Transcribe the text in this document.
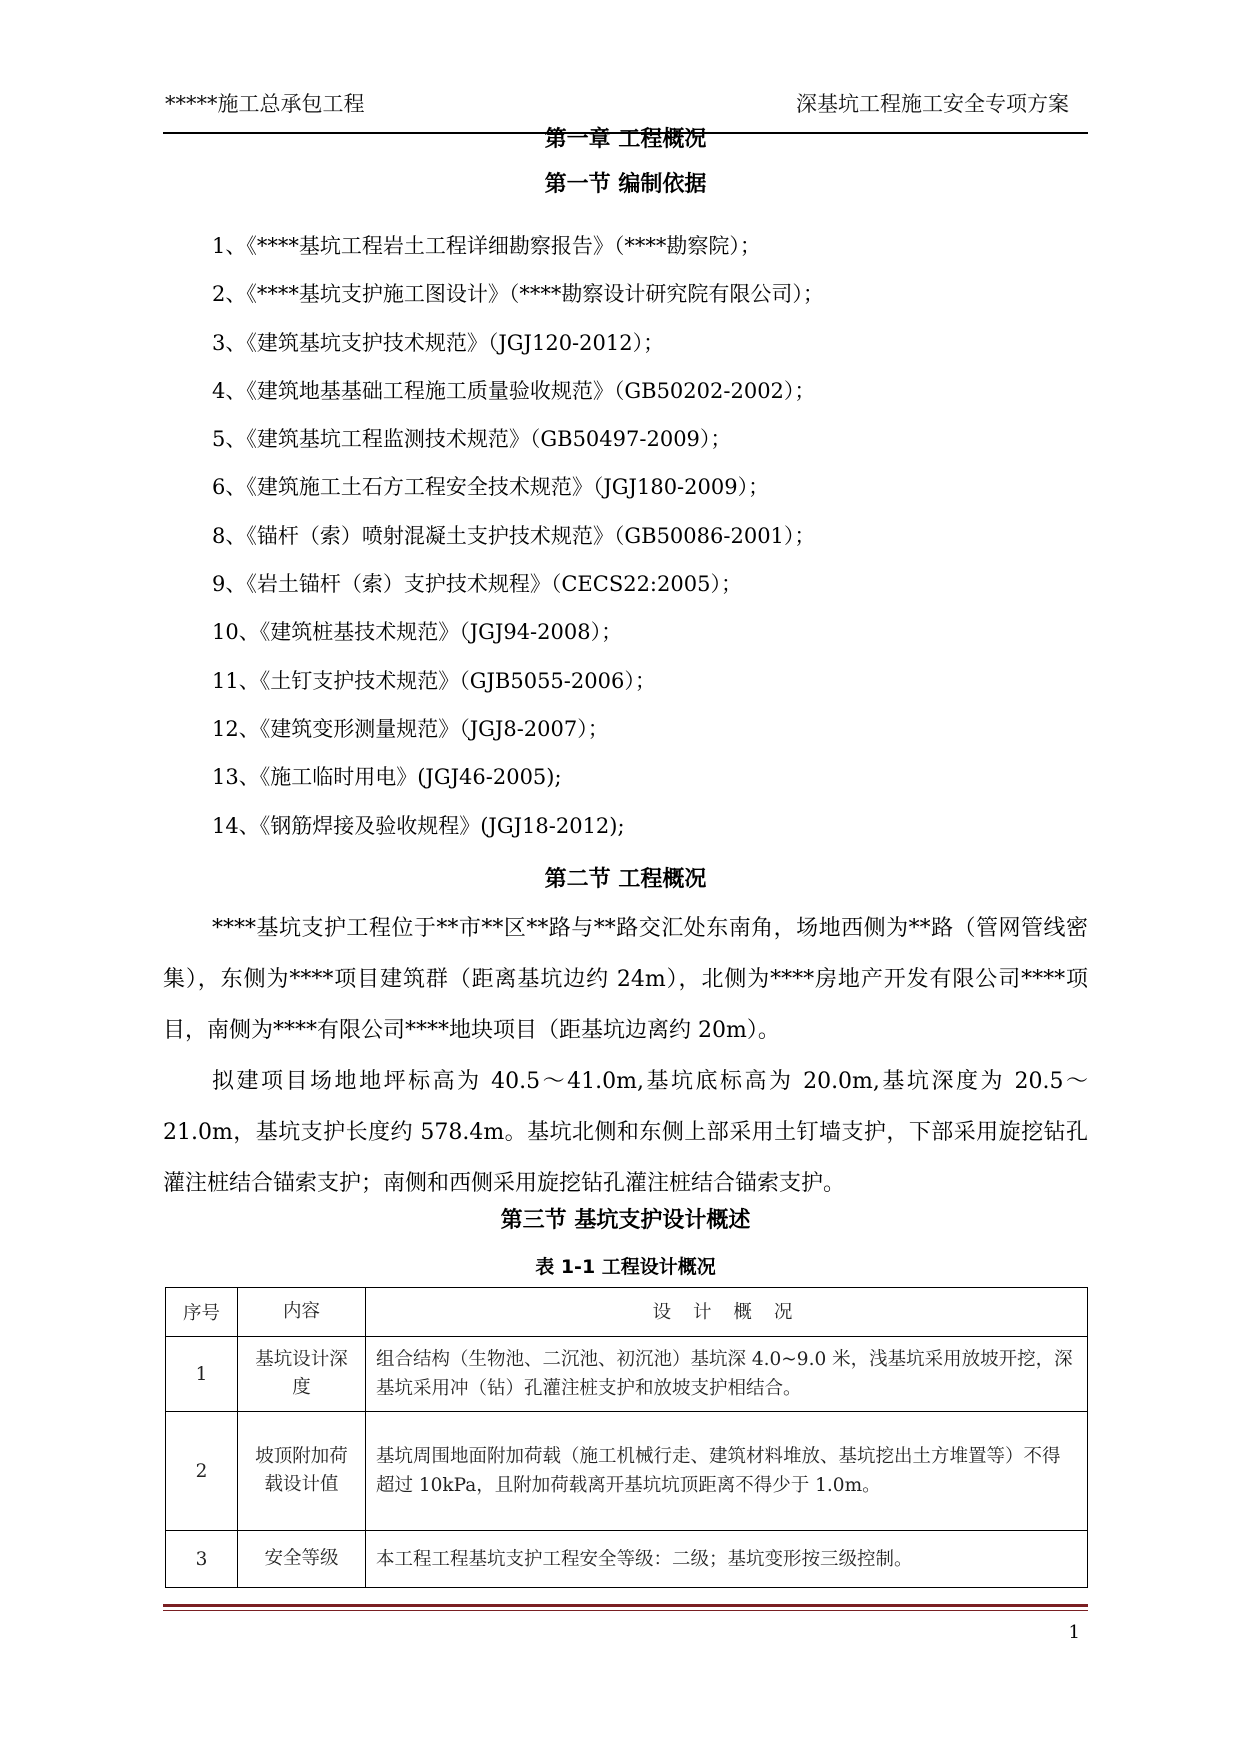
*****施工总承包工程	深基坑工程施工安全专项方案
第一章 工程概况
第一节 编制依据
1、《****基坑工程岩土工程详细勘察报告》（****勘察院）；
2、《****基坑支护施工图设计》（****勘察设计研究院有限公司）；
3、《建筑基坑支护技术规范》（JGJ120-2012）；
4、《建筑地基基础工程施工质量验收规范》（GB50202-2002）；
5、《建筑基坑工程监测技术规范》（GB50497-2009）；
6、《建筑施工土石方工程安全技术规范》（JGJ180-2009）；
8、《锚杆（索）喷射混凝土支护技术规范》（GB50086-2001）；
9、《岩土锚杆（索）支护技术规程》（CECS22:2005）；
10、《建筑桩基技术规范》（JGJ94-2008）；
11、《土钉支护技术规范》（GJB5055-2006）；
12、《建筑变形测量规范》（JGJ8-2007）；
13、《施工临时用电》(JGJ46-2005);
14、《钢筋焊接及验收规程》(JGJ18-2012);
第二节 工程概况

****基坑支护工程位于**市**区**路与**路交汇处东南角，场地西侧为**路（管网管线密集），东侧为****项目建筑群（距离基坑边约 24m），北侧为****房地产开发有限公司****项目，南侧为****有限公司****地块项目（距基坑边离约 20m）。

拟建项目场地地坪标高为 40.5～41.0m,基坑底标高为 20.0m,基坑深度为 20.5～21.0m，基坑支护长度约 578.4m。基坑北侧和东侧上部采用土钉墙支护，下部采用旋挖钻孔灌注桩结合锚索支护；南侧和西侧采用旋挖钻孔灌注桩结合锚索支护。

第三节 基坑支护设计概述
表 1-1 工程设计概况
序号	内容	设 计 概 况
1	基坑设计深度	组合结构（生物池、二沉池、初沉池）基坑深 4.0~9.0 米，浅基坑采用放坡开挖，深基坑采用冲（钻）孔灌注桩支护和放坡支护相结合。
2	坡顶附加荷载设计值	基坑周围地面附加荷载（施工机械行走、建筑材料堆放、基坑挖出土方堆置等）不得超过 10kPa，且附加荷载离开基坑坑顶距离不得少于 1.0m。
3	安全等级	本工程工程基坑支护工程安全等级：二级；基坑变形按三级控制。
1
